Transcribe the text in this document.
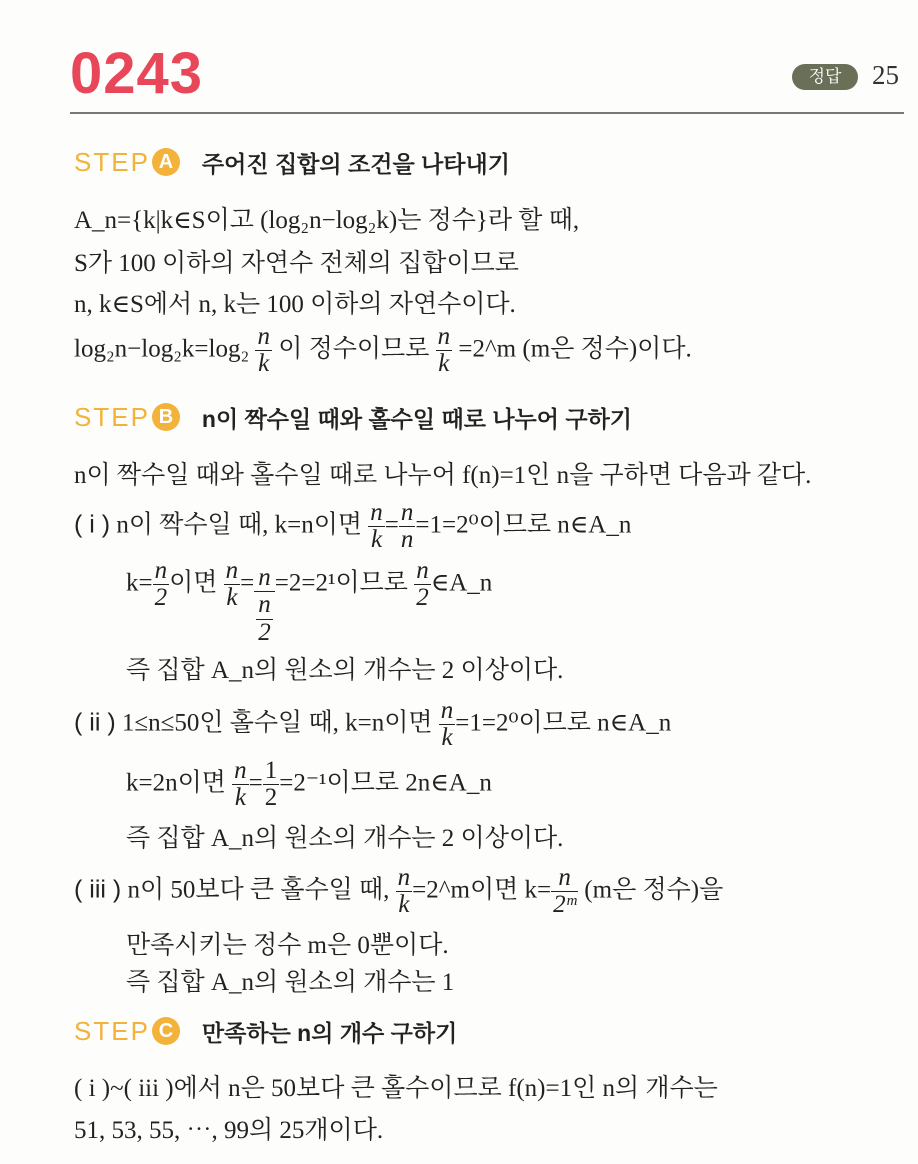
0243	정답	25
STEP A 주어진 집합의 조건을 나타내기
A_n={k|k∈S이고 (log₂n−log₂k)는 정수}라 할 때,
S가 100 이하의 자연수 전체의 집합이므로
n, k∈S에서 n, k는 100 이하의 자연수이다.
$\log_2n-\log_2k=\log_2 \frac{n}{k}$ 이 정수이므로 $\frac{n}{k}$ =2^m (m은 정수)이다.
STEP B n이 짝수일 때와 홀수일 때로 나누어 구하기
n이 짝수일 때와 홀수일 때로 나누어 f(n)=1인 n을 구하면 다음과 같다.
( i ) n이 짝수일 때, k=n이면 $\frac{n}{k} = \frac{n}{n} =1=2^0$이므로 n∈A_n
$k= \frac{n}{2}$ 이면 $\frac{n}{k} = \frac{n}{\frac{n}{2}} =2=2^1$이므로 $\frac{n}{2}$ ∈A_n
즉 집합 A_n의 원소의 개수는 2 이상이다.
( ii ) 1≤n≤50인 홀수일 때, k=n이면 $\frac{n}{k} =1=2^0$이므로 n∈A_n
k=2n이면 $\frac{n}{k} = \frac{1}{2} =2^{-1}$이므로 2n∈A_n
즉 집합 A_n의 원소의 개수는 2 이상이다.
( iii ) n이 50보다 큰 홀수일 때, $\frac{n}{k}$ =2^m이면 $k= \frac{n}{\text{2ᵐ}} (m$은 정수)을
만족시키는 정수 m은 0뿐이다.
즉 집합 A_n의 원소의 개수는 1
STEP C 만족하는 n의 개수 구하기
( i )~( iii )에서 n은 50보다 큰 홀수이므로 f(n)=1인 n의 개수는
51, 53, 55, ⋯, 99의 25개이다.
